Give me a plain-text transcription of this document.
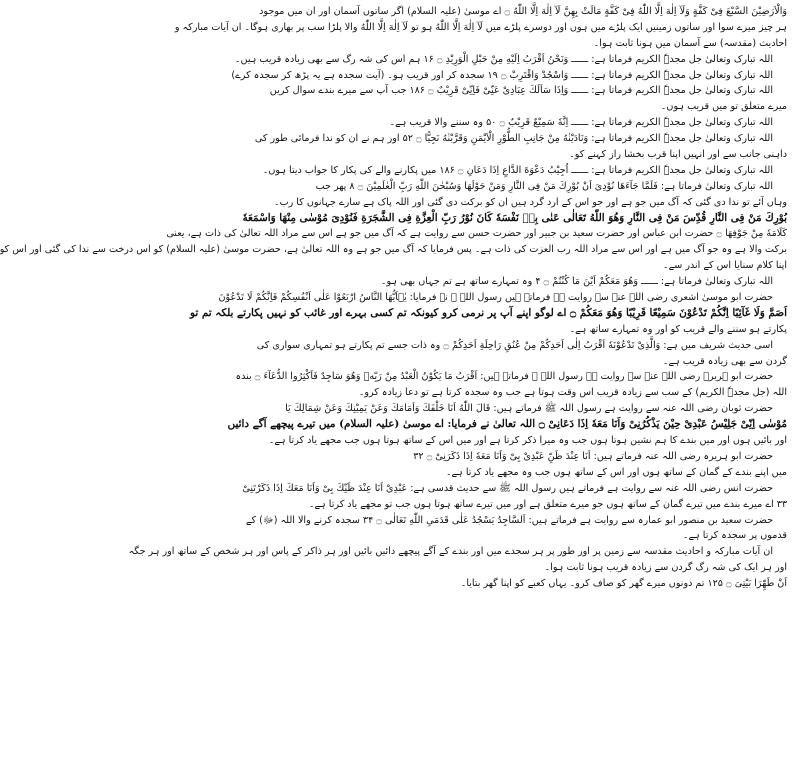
وَالْاَرَضِيْنَ السَّبْعَ فِىْ كَفَّةٍ وَلَآ اِلٰهَ اِلَّا اللّٰهُ فِىْ كَفَّةٍ مَالَتْ بِهِنَّ لَآ اِلٰهَ اِلَّا اللّٰهُ ۝ اے موسیٰ (علیہ السلام) اگر ساتوں آسمان اور ان میں موجود
ہر چیز میرے سوا اور ساتوں زمینیں ایک پلڑے میں ہوں اور دوسرے پلڑے میں لَآ اِلٰهَ اِلَّا اللّٰهُ ہو تو لَآ اِلٰهَ اِلَّا اللّٰهُ والا پلڑا سب پر بھاری ہوگا۔ ان آیات مبارکہ و
احادیث (مقدسہ) سے آسمان میں ہونا ثابت ہوا۔
اللہ تبارک وتعالیٰ جل مجدہٗ الکریم فرماتا ہے: ــــــ وَنَحْنُ اَقْرَبُ اِلَيْهِ مِنْ حَبْلِ الْوَرِيْدِ ۝ ۱۶ ہم اس کی شہ رگ سے بھی زیادہ قریب ہیں۔
اللہ تبارک وتعالیٰ جل مجدہٗ الکریم فرماتا ہے: ــــــ وَاسْجُدْ وَاقْتَرِبْ ۝ ۱۹ سجدہ کر اور قریب ہو۔ (آیت سجدہ ہے یہ پڑھ کر سجدہ کرے)
اللہ تبارک وتعالیٰ جل مجدہٗ الکریم فرماتا ہے: ــــــ وَاِذَا سَاَلَكَ عِبَادِىْ عَنِّىْ فَاِنِّىْ قَرِيْبٌ ۝ ۱۸۶ جب آپ سے میرے بندے سوال کریں
میرے متعلق تو میں قریب ہوں۔
اللہ تبارک وتعالیٰ جل مجدہٗ الکریم فرماتا ہے: ــــــ اِنَّهٗ سَمِيْعٌ قَرِيْبٌ ۝ ۵۰ وہ سننے والا قریب ہے۔
اللہ تبارک وتعالیٰ جل مجدہٗ الکریم فرماتا ہے: وَنَادَيْنٰهُ مِنْ جَانِبِ الطُّوْرِ الْاَيْمَنِ وَقَرَّبْنٰهُ نَجِيًّا ۝ ۵۲ اور ہم نے ان کو ندا فرمائی طور کی
داہنی جانب سے اور انہیں اپنا قرب بخشا راز کہنے کو۔
اللہ تبارک وتعالیٰ جل مجدہٗ الکریم فرماتا ہے: ــــــ اُجِيْبُ دَعْوَةَ الدَّاعِ اِذَا دَعَانِ ۝ ۱۸۶ میں پکارنے والے کی پکار کا جواب دیتا ہوں۔
اللہ تبارک وتعالیٰ فرماتا ہے: فَلَمَّا جَآءَهَا نُوْدِىَ اَنْ بُوْرِكَ مَنْ فِى النَّارِ وَمَنْ حَوْلَهَا وَسُبْحٰنَ اللّٰهِ رَبِّ الْعٰلَمِيْنَ ۝ ۸ پھر جب
وہاں آئے تو ندا دی گئی کہ آگ میں جو ہے اور جو اس کے ارد گرد ہیں ان کو برکت دی گئی اور اللہ پاک ہے سارے جہانوں کا رب۔
بُوْرِكَ مَنْ فِى النَّارِ قُدِّسَ مَنْ فِى النَّارِ وَهُوَ اللّٰهُ تَعَالٰى عَنٰى بِهٖ نَفْسَهٗ كَانَ نُوْرُ رَبِّ الْعِزَّةِ فِى الشَّجَرَةِ فَنُوْدِىَ مُوْسٰى مِنْهَا وَاسْمَعَهٗ
كَلَامَهٗ مِنْ جَوْفِهَا ۝ حضرت ابن عباس اور حضرت سعید بن جبیر اور حضرت حسن سے روایت ہے کہ آگ میں جو ہے اس سے مراد اللہ تعالیٰ کی ذات ہے، یعنی
برکت والا ہے وہ جو آگ میں ہے اور اس سے مراد اللہ رب العزت کی ذات ہے۔ پس فرمایا کہ آگ میں جو ہے وہ اللہ تعالیٰ ہے، حضرت موسیٰ (علیہ السلام) کو اس درخت سے ندا کی گئی اور اس کو
اپنا کلام سنایا اس کے اندر سے۔
اللہ تبارک وتعالیٰ فرماتا ہے: ــــــ وَهُوَ مَعَكُمْ اَيْنَ مَا كُنْتُمْ ۝ ۴ وہ تمہارے ساتھ ہے تم جہاں بھی ہو۔
حضرت ابو موسیٰ اشعری رضی اللہ عنہ سے روایت ہے فرماتے ہیں رسول اللہ ﷺ نے فرمایا: يٰۤاَيُّهَا النَّاسُ ارْبَعُوْا عَلٰى اَنْفُسِكُمْ فَاِنَّكُمْ لَا تَدْعُوْنَ
اَصَمَّ وَلَا غَآئِبًا اِنَّكُمْ تَدْعُوْنَ سَمِيْعًا قَرِيْبًا وَهُوَ مَعَكُمْ ۝ اے لوگو اپنے آپ پر نرمی کرو کیونکہ تم کسی بہرے اور غائب کو نہیں پکارتے بلکہ تم تو
پکارتے ہو سننے والے قریب کو اور وہ تمہارے ساتھ ہے۔
اسی حدیث شریف میں ہے: وَالَّذِىْ تَدْعُوْنَهٗ اَقْرَبُ اِلٰى اَحَدِكُمْ مِنْ عُنُقِ رَاحِلَةِ اَحَدِكُمْ ۝ وہ ذات جسے تم پکارتے ہو تمہاری سواری کی
گردن سے بھی زیادہ قریب ہے۔
حضرت ابو ہریرہ رضی اللہ عنہ سے روایت ہے رسول اللہ ﷺ فرماتے ہیں: اَقْرَبُ مَا يَكُوْنُ الْعَبْدُ مِنْ رَبِّهٖ وَهُوَ سَاجِدٌ فَاَكْثِرُوا الدُّعَآءَ ۝ بندہ
اللہ (جل مجدہٗ الکریم) کے سب سے زیادہ قریب اس وقت ہوتا ہے جب وہ سجدہ کرتا ہے تو دعا زیادہ کرو۔
حضرت ثوبان رضی اللہ عنہ سے روایت ہے رسول اللہ ﷺ فرماتے ہیں: قَالَ اللّٰهُ اَنَا خَلْفَكَ وَاَمَامَكَ وَعَنْ يَمِيْنِكَ وَعَنْ شِمَالِكَ يَا
مُوْسٰى اِنِّىْ جَلِيْسُ عَبْدِىْ حِيْنَ يَذْكُرُنِىْ وَاَنَا مَعَهٗ اِذَا دَعَانِىْ ۝ اللہ تعالیٰ نے فرمایا: اے موسیٰ (علیہ السلام) میں تیرے پیچھے آگے دائیں
اور بائیں ہوں اور میں بندے کا ہم نشین ہوتا ہوں جب وہ میرا ذکر کرتا ہے اور میں اس کے ساتھ ہوتا ہوں جب مجھے یاد کرتا ہے۔
حضرت ابو ہریرہ رضی اللہ عنہ فرماتے ہیں: اَنَا عِنْدَ ظَنِّ عَبْدِىْ بِىْ وَاَنَا مَعَهٗ اِذَا ذَكَرَنِىْ ۝ ۳۲
میں اپنے بندے کے گمان کے ساتھ ہوں اور اس کے ساتھ ہوں جب وہ مجھے یاد کرتا ہے۔
حضرت انس رضی اللہ عنہ سے روایت ہے فرماتے ہیں رسول اللہ ﷺ سے حدیث قدسی ہے: عَبْدِىْ اَنَا عِنْدَ ظَنِّكَ بِىْ وَاَنَا مَعَكَ اِذَا ذَكَرْتَنِىْ
۳۳ اے میرے بندے میں تیرے گمان کے ساتھ ہوں جو میرے متعلق ہے اور میں تیرے ساتھ ہوتا ہوں جب تو مجھے یاد کرتا ہے۔
حضرت سعید بن منصور ابو عمارہ سے روایت ہے فرماتے ہیں: اَلسَّاجِدُ يَسْجُدُ عَلٰى قَدَمَىِ اللّٰهِ تَعَالٰى ۝ ۳۴ سجدہ کرنے والا اللہ (ﷻ) کے
قدموں پر سجدہ کرتا ہے۔
ان آیات مبارکہ و احادیث مقدسہ سے زمین پر اور طور پر ہر سجدے میں اور بندے کے آگے پیچھے دائیں بائیں اور ہر ذاکر کے پاس اور ہر شخص کے ساتھ اور ہر جگہ
اور ہر ایک کی شہ رگ گردن سے زیادہ قریب ہونا ثابت ہوا۔
اَنْ طَهِّرَا بَيْتِىَ ۝ ۱۲۵ تم دونوں میرے گھر کو صاف کرو۔ یہاں کعبے کو اپنا گھر بتایا۔
